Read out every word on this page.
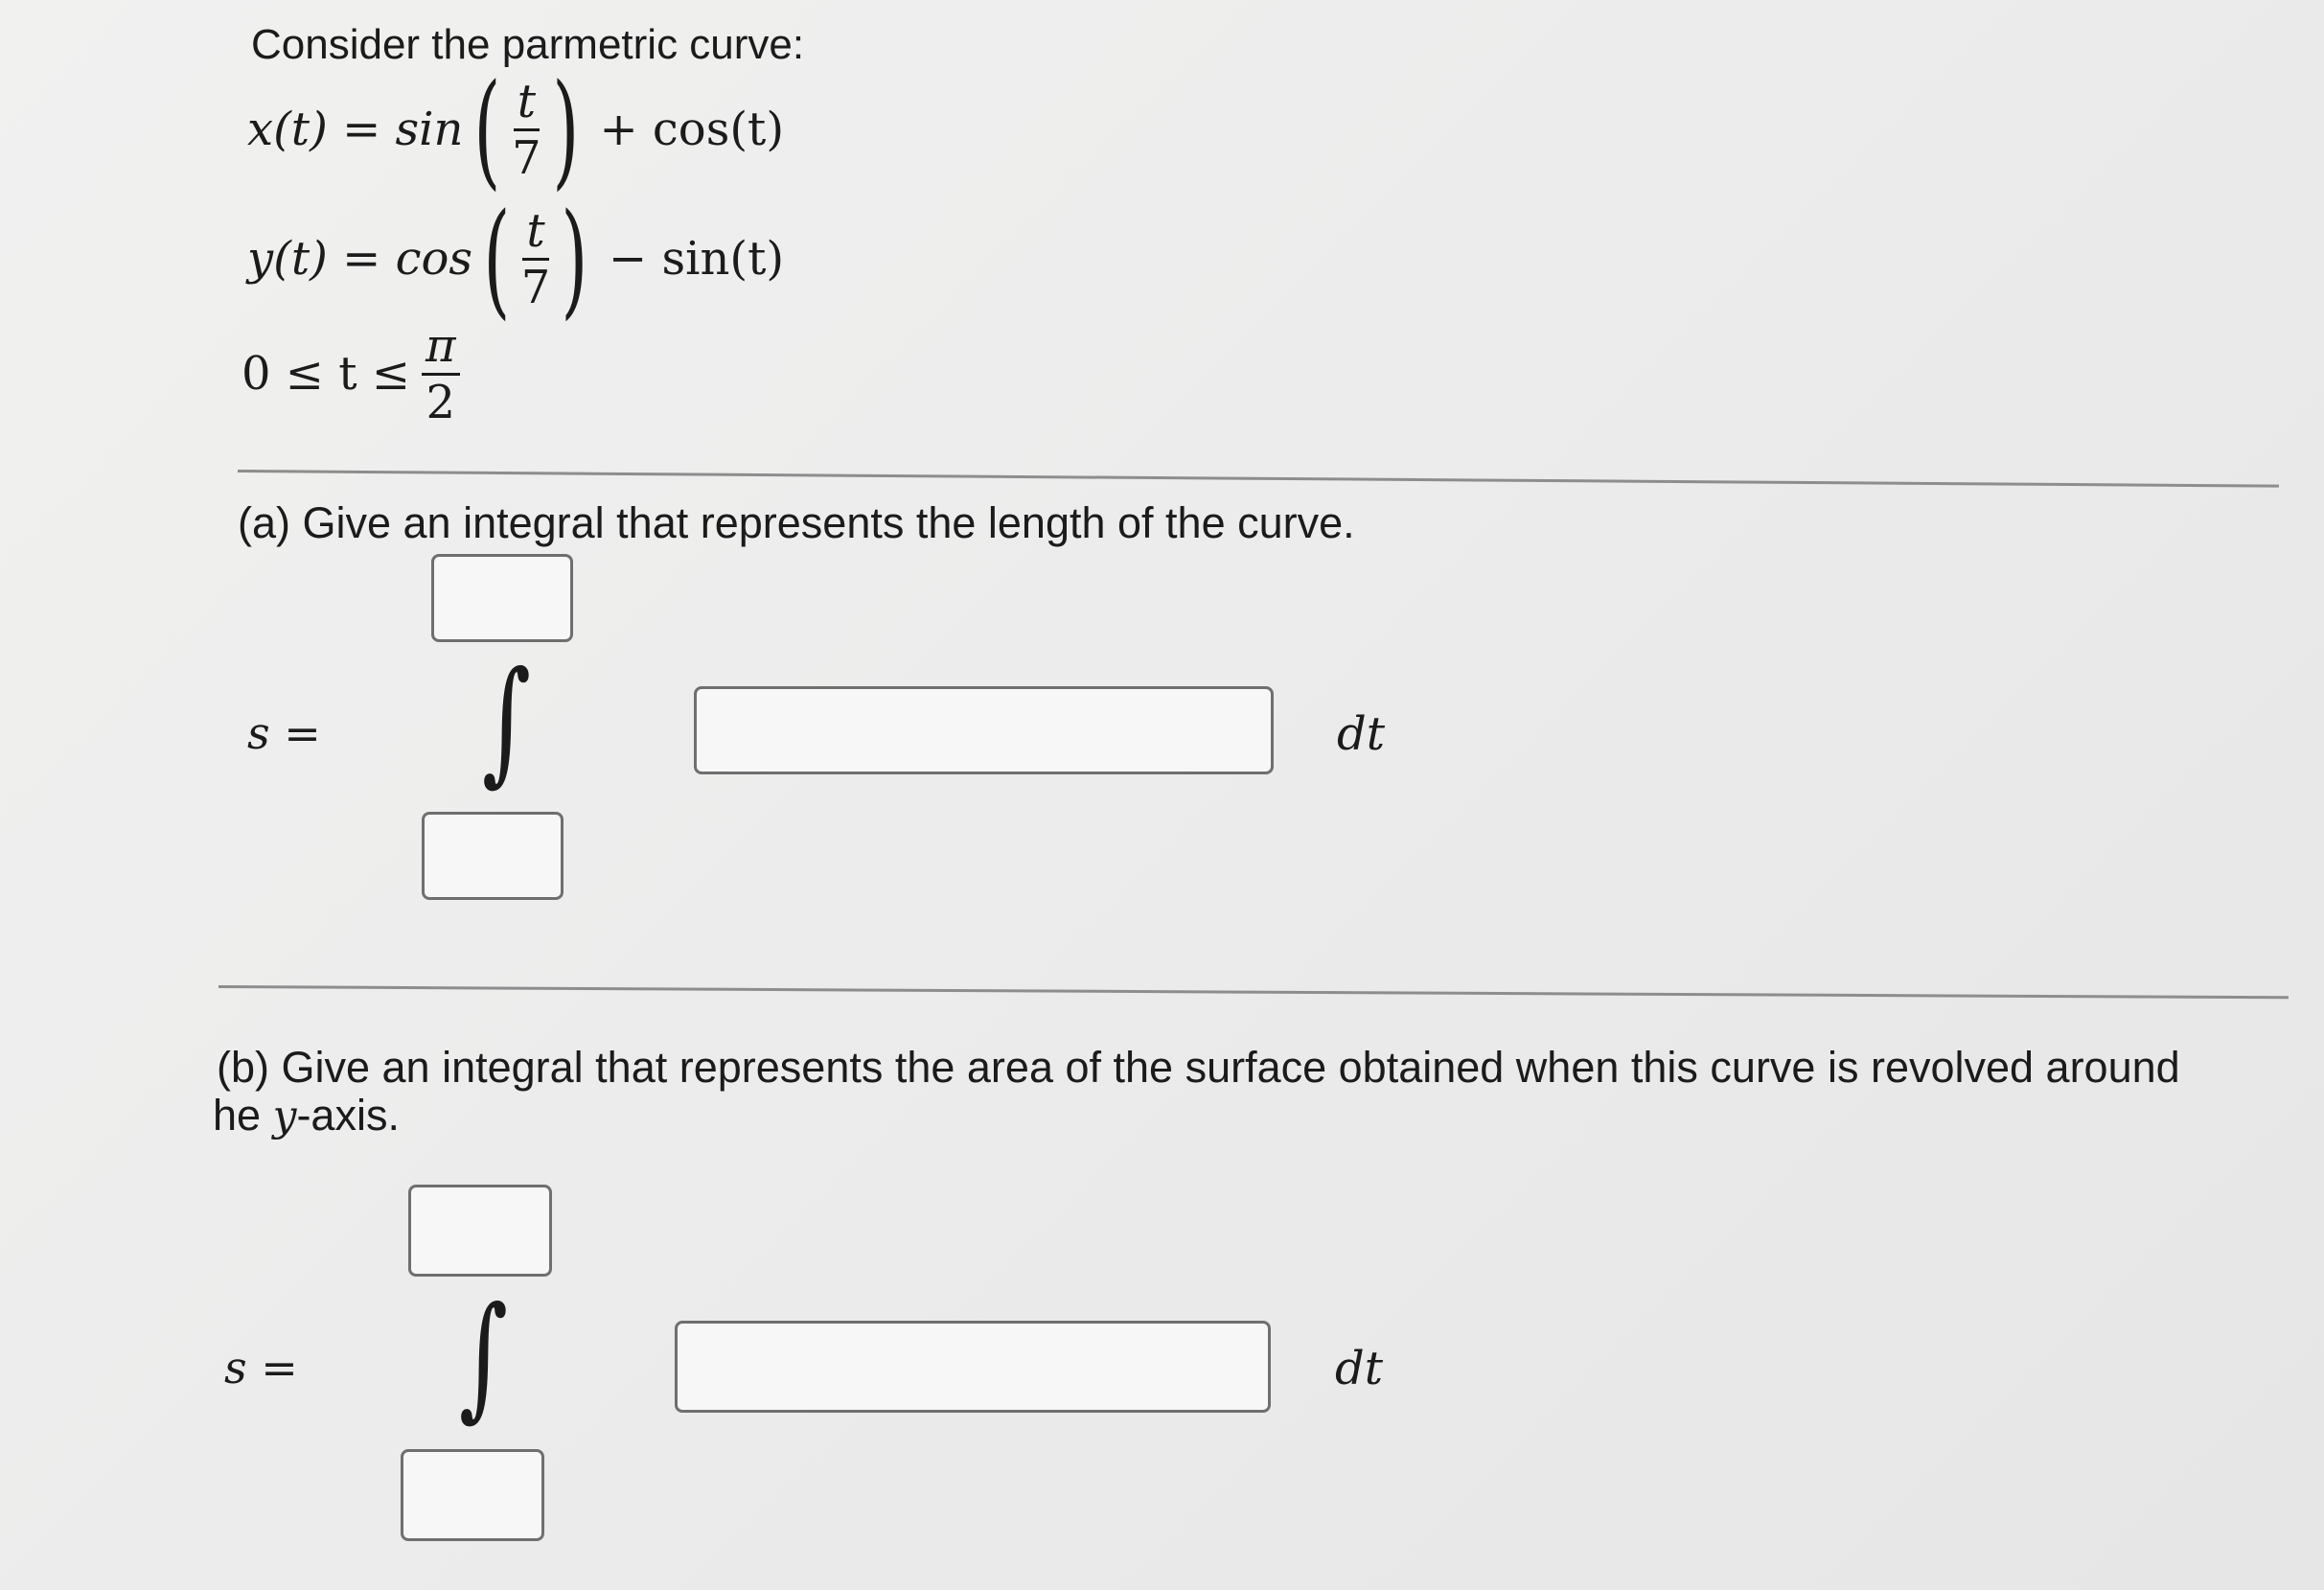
Consider the parmetric curve:
x(t) = sin ( $\frac{t}{7}$ ) + cos(t)
y(t) = cos ( $\frac{t}{7}$ ) − sin(t)
$0 \le t \le \frac{\pi}{2}$
(a) Give an integral that represents the length of the curve.
s = ∫	dt
(b) Give an integral that represents the area of the surface obtained when this curve is revolved around
he y-axis.
s = ∫	dt
